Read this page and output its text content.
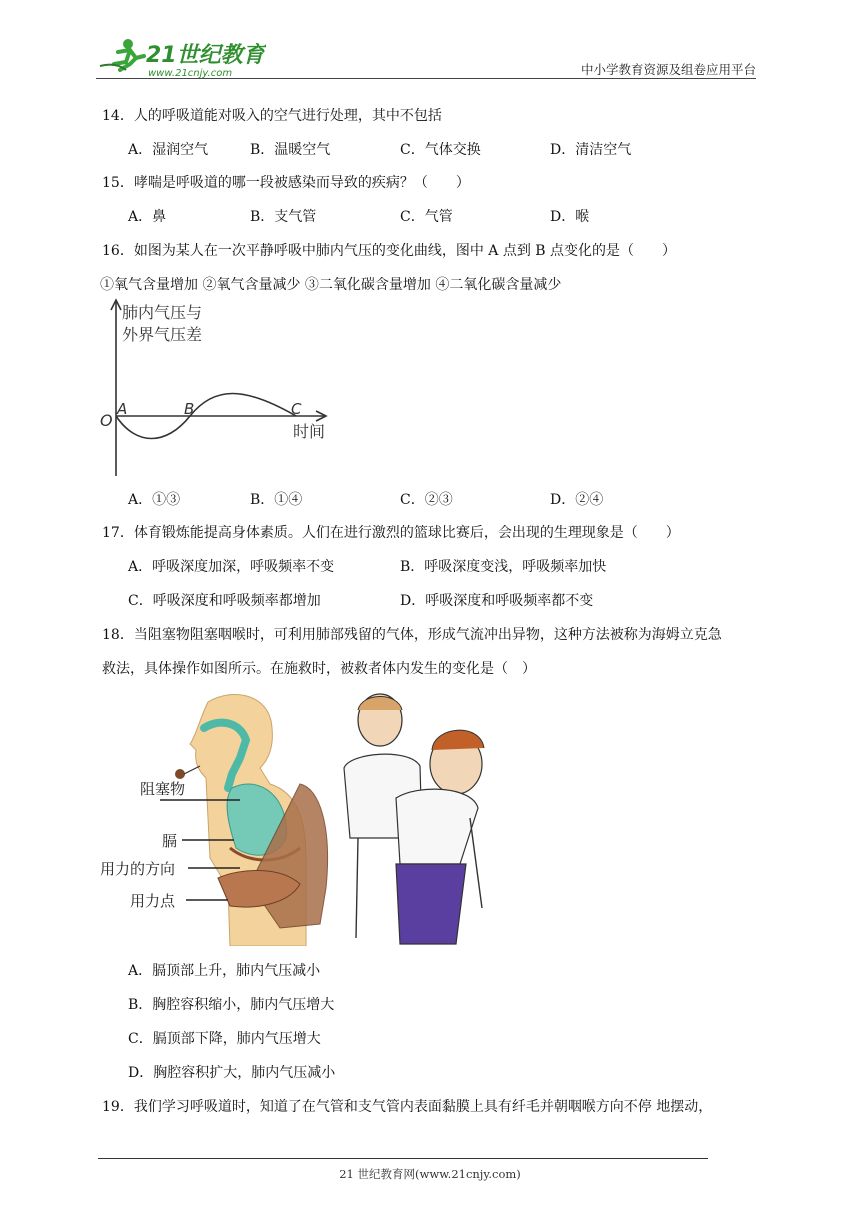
21世纪教育
www.21cnjy.com	中小学教育资源及组卷应用平台
14．人的呼吸道能对吸入的空气进行处理，其中不包括
A．湿润空气	B．温暖空气	C．气体交换	D．清洁空气
15．哮喘是呼吸道的哪一段被感染而导致的疾病？（　　）
A．鼻	B．支气管	C．气管	D．喉
16．如图为某人在一次平静呼吸中肺内气压的变化曲线，图中 A 点到 B 点变化的是（　　）
①氧气含量增加 ②氧气含量减少 ③二氧化碳含量增加 ④二氧化碳含量减少
肺内气压与
外界气压差
O
A	B	C
时间
A．①③	B．①④	C．②③	D．②④
17．体育锻炼能提高身体素质。人们在进行激烈的篮球比赛后，会出现的生理现象是（　　）
A．呼吸深度加深，呼吸频率不变	B．呼吸深度变浅，呼吸频率加快
C．呼吸深度和呼吸频率都增加	D．呼吸深度和呼吸频率都不变
18．当阻塞物阻塞咽喉时，可利用肺部残留的气体，形成气流冲出异物，这种方法被称为海姆立克急
救法，具体操作如图所示。在施救时，被救者体内发生的变化是（　）
阻塞物
膈
用力的方向
用力点
A．膈顶部上升，肺内气压减小
B．胸腔容积缩小，肺内气压增大
C．膈顶部下降，肺内气压增大
D．胸腔容积扩大，肺内气压减小
19．我们学习呼吸道时，知道了在气管和支气管内表面黏膜上具有纤毛并朝咽喉方向不停 地摆动，
21 世纪教育网(www.21cnjy.com)
